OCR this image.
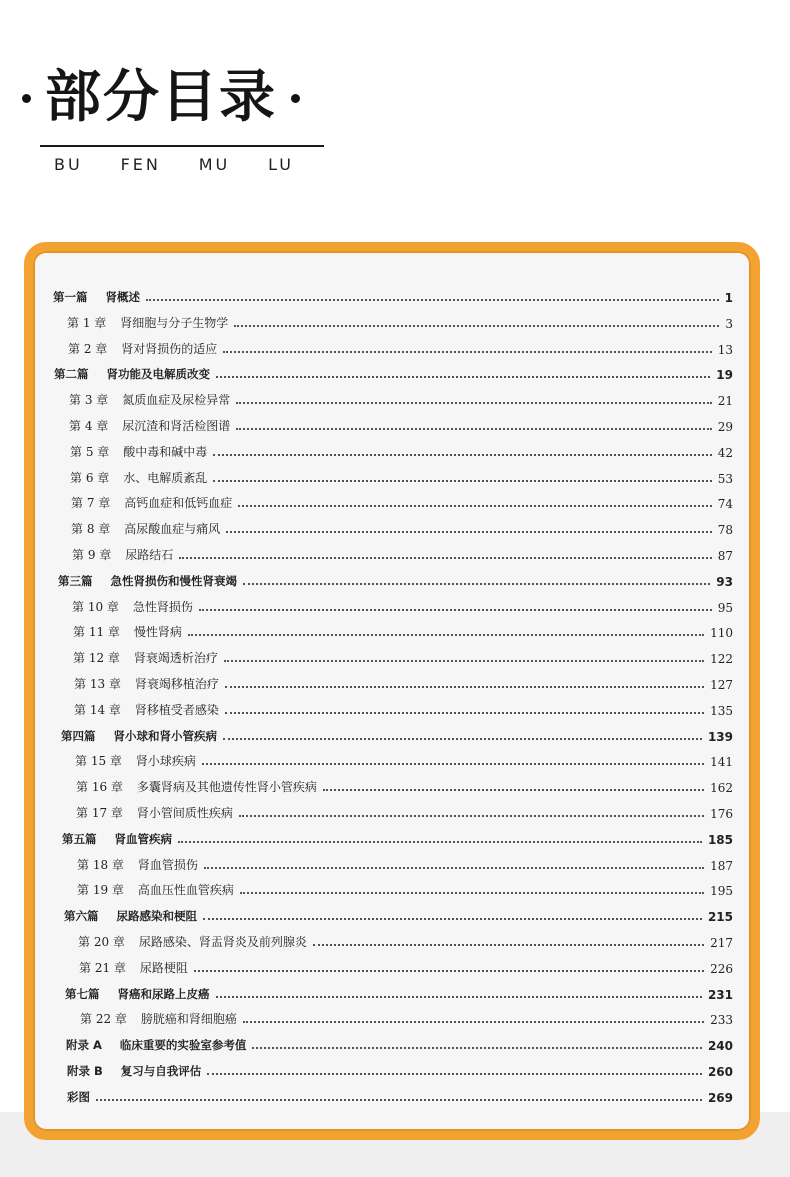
部分目录
BU FEN MU LU
第一篇 肾概述	1
第 1 章 肾细胞与分子生物学	3
第 2 章 肾对肾损伤的适应	13
第二篇 肾功能及电解质改变	19
第 3 章 氮质血症及尿检异常	21
第 4 章 尿沉渣和肾活检图谱	29
第 5 章 酸中毒和碱中毒	42
第 6 章 水、电解质紊乱	53
第 7 章 高钙血症和低钙血症	74
第 8 章 高尿酸血症与痛风	78
第 9 章 尿路结石	87
第三篇 急性肾损伤和慢性肾衰竭	93
第 10 章 急性肾损伤	95
第 11 章 慢性肾病	110
第 12 章 肾衰竭透析治疗	122
第 13 章 肾衰竭移植治疗	127
第 14 章 肾移植受者感染	135
第四篇 肾小球和肾小管疾病	139
第 15 章 肾小球疾病	141
第 16 章 多囊肾病及其他遗传性肾小管疾病	162
第 17 章 肾小管间质性疾病	176
第五篇 肾血管疾病	185
第 18 章 肾血管损伤	187
第 19 章 高血压性血管疾病	195
第六篇 尿路感染和梗阻	215
第 20 章 尿路感染、肾盂肾炎及前列腺炎	217
第 21 章 尿路梗阻	226
第七篇 肾癌和尿路上皮癌	231
第 22 章 膀胱癌和肾细胞癌	233
附录 A 临床重要的实验室参考值	240
附录 B 复习与自我评估	260
彩图	269
